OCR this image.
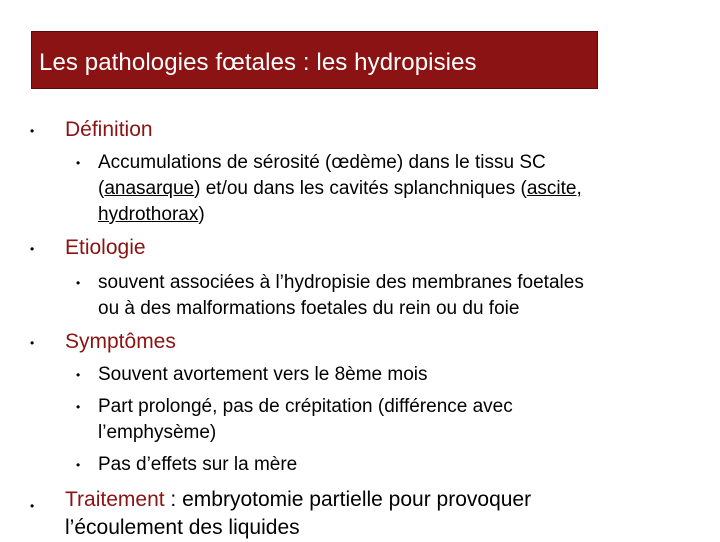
Les pathologies fœtales : les hydropisies
• Définition
• Accumulations de sérosité (œdème) dans le tissu SC
(anasarque) et/ou dans les cavités splanchniques (ascite,
hydrothorax)
• Etiologie
• souvent associées à l’hydropisie des membranes foetales
ou à des malformations foetales du rein ou du foie
• Symptômes
• Souvent avortement vers le 8ème mois
• Part prolongé, pas de crépitation (différence avec
l’emphysème)
• Pas d’effets sur la mère
• Traitement : embryotomie partielle pour provoquer
l’écoulement des liquides
